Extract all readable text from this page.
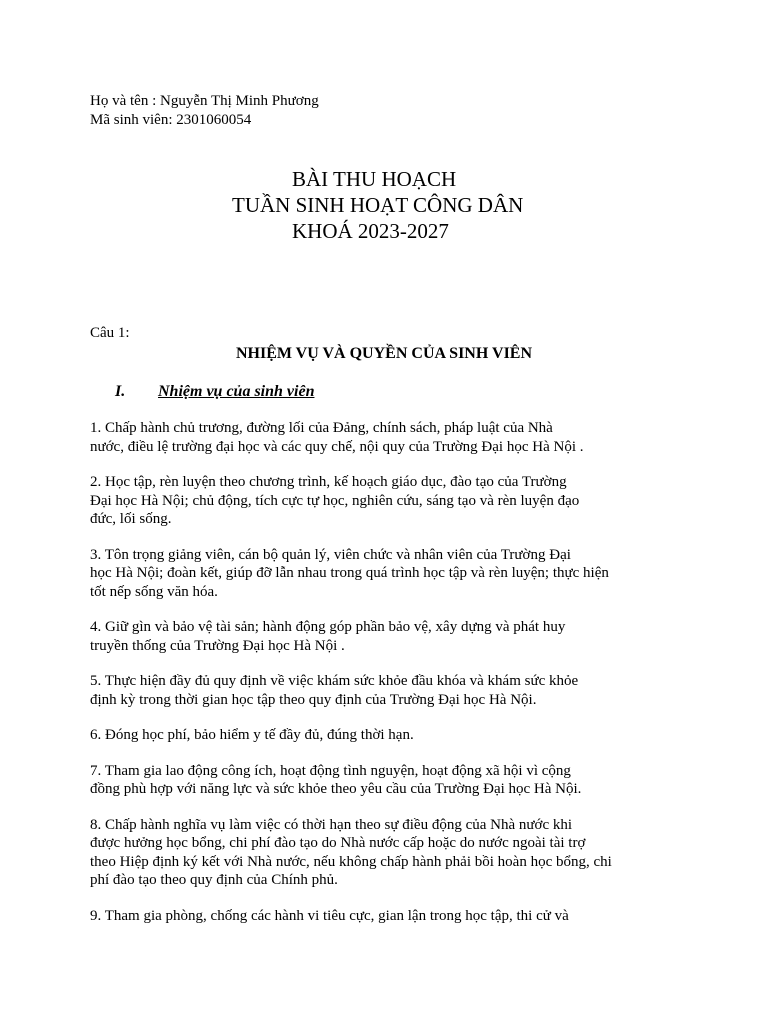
Họ và tên : Nguyễn Thị Minh Phương
Mã sinh viên: 2301060054
BÀI THU HOẠCH
TUẦN SINH HOẠT CÔNG DÂN
KHOÁ 2023-2027
Câu 1:
NHIỆM VỤ VÀ QUYỀN CỦA SINH VIÊN
I. Nhiệm vụ của sinh viên
1. Chấp hành chủ trương, đường lối của Đảng, chính sách, pháp luật của Nhà
nước, điều lệ trường đại học và các quy chế, nội quy của Trường Đại học Hà Nội .
2. Học tập, rèn luyện theo chương trình, kế hoạch giáo dục, đào tạo của Trường
Đại học Hà Nội; chủ động, tích cực tự học, nghiên cứu, sáng tạo và rèn luyện đạo
đức, lối sống.
3. Tôn trọng giảng viên, cán bộ quản lý, viên chức và nhân viên của Trường Đại
học Hà Nội; đoàn kết, giúp đỡ lẫn nhau trong quá trình học tập và rèn luyện; thực hiện
tốt nếp sống văn hóa.
4. Giữ gìn và bảo vệ tài sản; hành động góp phần bảo vệ, xây dựng và phát huy
truyền thống của Trường Đại học Hà Nội .
5. Thực hiện đầy đủ quy định về việc khám sức khỏe đầu khóa và khám sức khỏe
định kỳ trong thời gian học tập theo quy định của Trường Đại học Hà Nội.
6. Đóng học phí, bảo hiểm y tế đầy đủ, đúng thời hạn.
7. Tham gia lao động công ích, hoạt động tình nguyện, hoạt động xã hội vì cộng
đồng phù hợp với năng lực và sức khỏe theo yêu cầu của Trường Đại học Hà Nội.
8. Chấp hành nghĩa vụ làm việc có thời hạn theo sự điều động của Nhà nước khi
được hưởng học bổng, chi phí đào tạo do Nhà nước cấp hoặc do nước ngoài tài trợ
theo Hiệp định ký kết với Nhà nước, nếu không chấp hành phải bồi hoàn học bổng, chi
phí đào tạo theo quy định của Chính phủ.
9. Tham gia phòng, chống các hành vi tiêu cực, gian lận trong học tập, thi cử và
